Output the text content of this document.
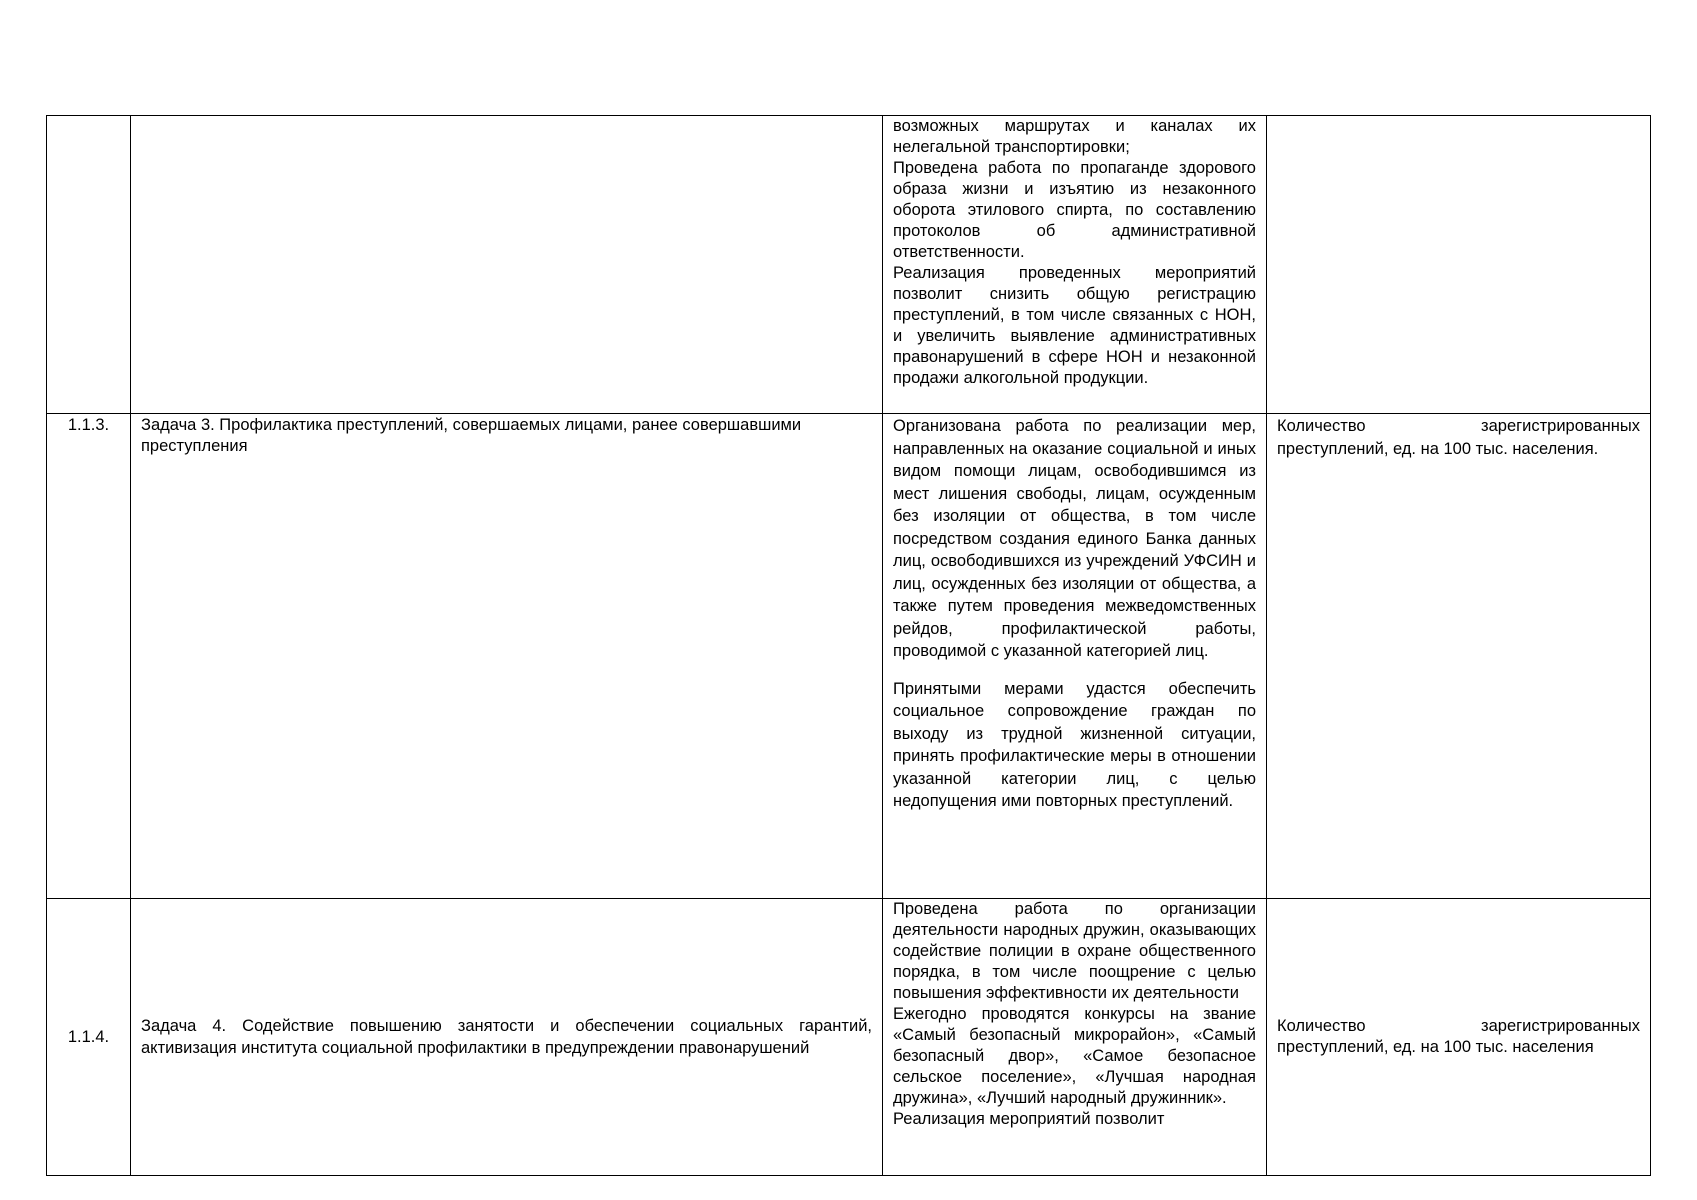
		возможных маршрутах и каналах их нелегальной транспортировки;
Проведена работа по пропаганде здорового образа жизни и изъятию из незаконного оборота этилового спирта, по составлению протоколов об административной ответственности.
Реализация проведенных мероприятий позволит снизить общую регистрацию преступлений, в том числе связанных с НОН, и увеличить выявление административных правонарушений в сфере НОН и незаконной продажи алкогольной продукции.	

1.1.3.	Задача 3. Профилактика преступлений, совершаемых лицами, ранее совершавшими преступления	Организована работа по реализации мер, направленных на оказание социальной и иных видом помощи лицам, освободившимся из мест лишения свободы, лицам, осужденным без изоляции от общества, в том числе посредством создания единого Банка данных лиц, освободившихся из учреждений УФСИН и лиц, осужденных без изоляции от общества, а также путем проведения межведомственных рейдов, профилактической работы, проводимой с указанной категорией лиц.
Принятыми мерами удастся обеспечить социальное сопровождение граждан по выходу из трудной жизненной ситуации, принять профилактические меры в отношении указанной категории лиц, с целью недопущения ими повторных преступлений.	Количество зарегистрированных преступлений, ед. на 100 тыс. населения.
1.1.4.	Задача 4. Содействие повышению занятости и обеспечении социальных гарантий, активизация института социальной профилактики в предупреждении правонарушений	Проведена работа по организации деятельности народных дружин, оказывающих содействие полиции в охране общественного порядка, в том числе поощрение с целью повышения эффективности их деятельности
Ежегодно проводятся конкурсы на звание «Самый безопасный микрорайон», «Самый безопасный двор», «Самое безопасное сельское поселение», «Лучшая народная дружина», «Лучший народный дружинник».
Реализация мероприятий позволит	Количество зарегистрированных преступлений, ед. на 100 тыс. населения
